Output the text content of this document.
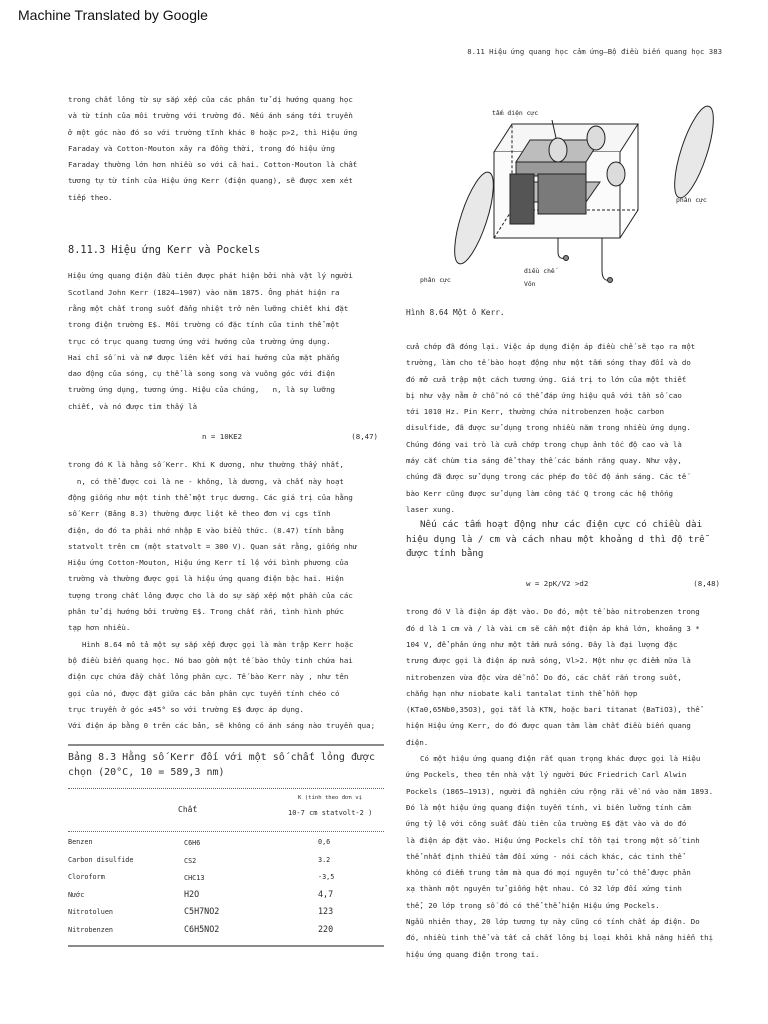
Machine Translated by Google
8.11 Hiệu ứng quang học cảm ứng—Bộ điều biến quang học 383

trong chất lỏng từ sự sắp xếp của các phân tử dị hướng quang học
và từ tính của môi trường với trường đó. Nếu ánh sáng tới truyền
ở một góc nào đó so với trường tĩnh khác 0 hoặc p>2, thì Hiệu ứng
Faraday và Cotton-Mouton xảy ra đồng thời, trong đó hiệu ứng
Faraday thường lớn hơn nhiều so với cả hai. Cotton-Mouton là chất
tương tự từ tính của Hiệu ứng Kerr (điện quang), sẽ được xem xét
tiếp theo.

8.11.3 Hiệu ứng Kerr và Pockels

Hiệu ứng quang điện đầu tiên được phát hiện bởi nhà vật lý người
Scotland John Kerr (1824–1907) vào năm 1875. Ông phát hiện ra
rằng một chất trong suốt đẳng nhiệt trở nên lưỡng chiết khi đặt
trong điện trường E$. Môi trường có đặc tính của tinh thể một
trục có trục quang tương ứng với hướng của trường ứng dụng.
Hai chỉ số ni và n# được liên kết với hai hướng của mặt phẳng
dao động của sóng, cụ thể là song song và vuông góc với điện
trường ứng dụng, tương ứng. Hiệu của chúng,   n, là sự lưỡng
chiết, và nó được tìm thấy là

n = 10KE2	(8,47)

trong đó K là hằng số Kerr. Khi K dương, như thường thấy nhất,
n, có thể được coi là ne - không, là dương, và chất này hoạt
động giống như một tinh thể một trục dương. Các giá trị của hằng
số Kerr (Bảng 8.3) thường được liệt kê theo đơn vị cgs tĩnh
điện, do đó ta phải nhớ nhập E vào biểu thức. (8.47) tính bằng
statvolt trên cm (một statvolt = 300 V). Quan sát rằng, giống như
Hiệu ứng Cotton-Mouton, Hiệu ứng Kerr tỉ lệ với bình phương của
trường và thường được gọi là hiệu ứng quang điện bậc hai. Hiện
tượng trong chất lỏng được cho là do sự sắp xếp một phần của các
phân tử dị hướng bởi trường E$. Trong chất rắn, tình hình phức
tạp hơn nhiều.

Hình 8.64 mô tả một sự sắp xếp được gọi là màn trập Kerr hoặc
bộ điều biến quang học. Nó bao gồm một tế bào thủy tinh chứa hai
điện cực chứa đầy chất lỏng phân cực. Tế bào Kerr này , như tên
gọi của nó, được đặt giữa các bản phân cực tuyến tính chéo có
trục truyền ở góc ±45° so với trường E$ được áp dụng.
Với điện áp bằng 0 trên các bản, sẽ không có ánh sáng nào truyền qua;

tấm điện cực
phân cực
phân cực
điều chế
Vôn
Hình 8.64 Một ô Kerr.

cửa chớp đã đóng lại. Việc áp dụng điện áp điều chế sẽ tạo ra một
trường, làm cho tế bào hoạt động như một tấm sóng thay đổi và do
đó mở cửa trập một cách tương ứng. Giá trị to lớn của một thiết
bị như vậy nằm ở chỗ nó có thể đáp ứng hiệu quả với tần số cao
tới 1010 Hz. Pin Kerr, thường chứa nitrobenzen hoặc carbon
disulfide, đã được sử dụng trong nhiều năm trong nhiều ứng dụng.
Chúng đóng vai trò là cửa chớp trong chụp ảnh tốc độ cao và là
máy cắt chùm tia sáng để thay thế các bánh răng quay. Như vậy,
chúng đã được sử dụng trong các phép đo tốc độ ánh sáng. Các tế
bào Kerr cũng được sử dụng làm công tắc Q trong các hệ thống
laser xung.

Nếu các tấm hoạt động như các điện cực có chiều dài
hiệu dụng là / cm và cách nhau một khoảng d thì độ trễ
được tính bằng

w = 2pK/V2 >d2	(8,48)

trong đó V là điện áp đặt vào. Do đó, một tế bào nitrobenzen trong
đó d là 1 cm và / là vài cm sẽ cần một điện áp khá lớn, khoảng 3 *
104 V, để phản ứng như một tấm nửa sóng. Đây là đại lượng đặc
trưng được gọi là điện áp nửa sóng, Vl>2. Một như ợc điểm nữa là
nitrobenzen vừa độc vừa dễ nổ. Do đó, các chất rắn trong suốt,
chẳng hạn như niobate kali tantalat tinh thể hỗn hợp
(KTa0,65Nb0,35O3), gọi tắt là KTN, hoặc bari titanat (BaTiO3), thể
hiện Hiệu ứng Kerr, do đó được quan tâm làm chất điều biến quang
điện.

Có một hiệu ứng quang điện rất quan trọng khác được gọi là Hiệu
ứng Pockels, theo tên nhà vật lý người Đức Friedrich Carl Alwin
Pockels (1865–1913), người đã nghiên cứu rộng rãi về nó vào năm 1893.
Đó là một hiệu ứng quang điện tuyến tính, vì biên lưỡng tính cảm
ứng tỷ lệ với công suất đầu tiên của trường E$ đặt vào và do đó
là điện áp đặt vào. Hiệu ứng Pockels chỉ tồn tại trong một số tinh
thể nhất định thiếu tâm đối xứng - nói cách khác, các tinh thể
không có điểm trung tâm mà qua đó mọi nguyên tử có thể được phản
xạ thành một nguyên tử giống hệt nhau. Có 32 lớp đối xứng tinh
thể, 20 lớp trong số đó có thể thể hiện Hiệu ứng Pockels.
Ngẫu nhiên thay, 20 lớp tương tự này cũng có tính chất áp điện. Do
đó, nhiều tinh thể và tất cả chất lỏng bị loại khỏi khả năng hiển thị
hiệu ứng quang điện trong tai.

Bảng 8.3 Hằng số Kerr đối với một số chất lỏng được
chọn (20°C, 10 = 589,3 nm)
K (tính theo đơn vị
Chất	10-7 cm statvolt-2 )
Benzen	C6H6	0,6
Carbon disulfide	CS2	3.2
Cloroform	CHC13	-3,5
Nước	H2O	4,7
Nitrotoluen	C5H7NO2	123
Nitrobenzen	C6H5NO2	220
